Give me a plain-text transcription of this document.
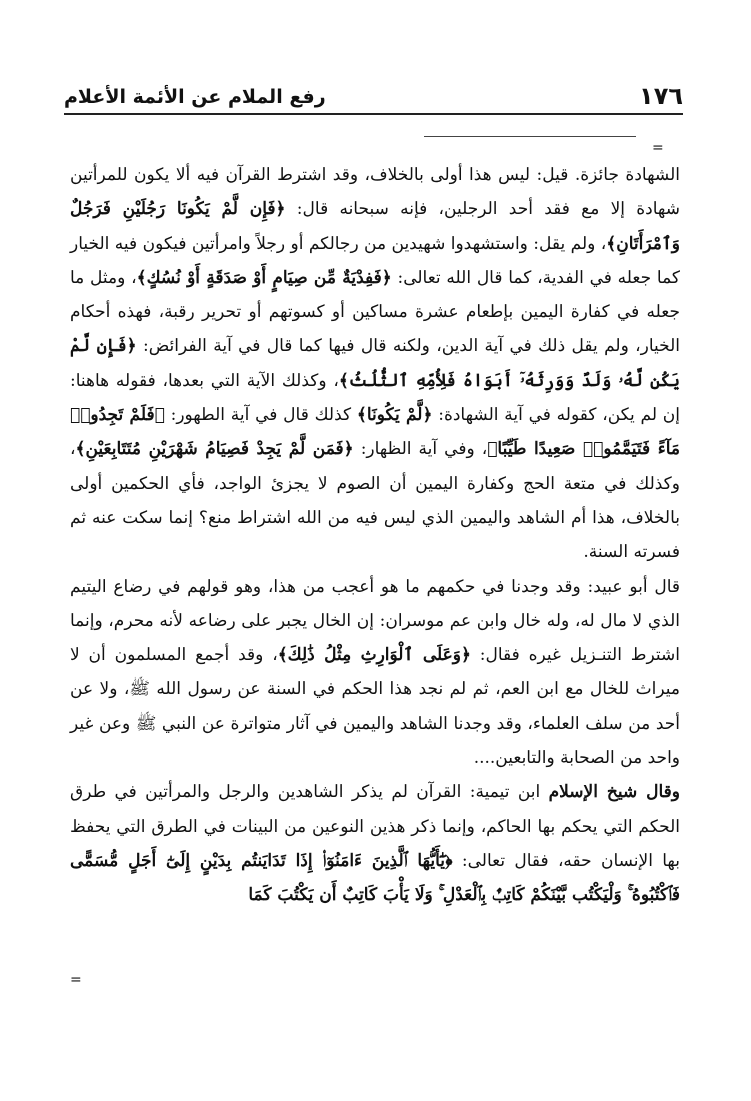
١٧٦
رفع الملام عن الأئمة الأعلام
=

الشهادة جائزة. قيل: ليس هذا أولى بالخلاف، وقد اشترط القرآن فيه ألا يكون للمرأتين شهادة إلا مع فقد أحد الرجلين، فإنه سبحانه قال: ﴿فَإِن لَّمْ يَكُونَا رَجُلَيْنِ فَرَجُلٌ وَٱمْرَأَتَانِ﴾، ولم يقل: واستشهدوا شهيدين من رجالكم أو رجلاً وامرأتين فيكون فيه الخيار كما جعله في الفدية، كما قال الله تعالى: ﴿فَفِدْيَةٌ مِّن صِيَامٍ أَوْ صَدَقَةٍ أَوْ نُسُكٍ﴾، ومثل ما جعله في كفارة اليمين بإطعام عشرة مساكين أو كسوتهم أو تحرير رقبة، فهذه أحكام الخيار، ولم يقل ذلك في آية الدين، ولكنه قال فيها كما قال في آية الفرائض: ﴿فَإِن لَّمْ يَكُن لَّهُۥ وَلَدٌ وَوَرِثَهُۥٓ أَبَوَاهُ فَلِأُمِّهِ ٱلثُّلُثُ﴾، وكذلك الآية التي بعدها، فقوله هاهنا: إن لم يكن، كقوله في آية الشهادة: ﴿لَّمْ يَكُونَا﴾ كذلك قال في آية الطهور: ﴿فَلَمْ تَجِدُوا۟ مَآءً فَتَيَمَّمُوا۟ صَعِيدًا طَيِّبًا﴾، وفي آية الظهار: ﴿فَمَن لَّمْ يَجِدْ فَصِيَامُ شَهْرَيْنِ مُتَتَابِعَيْنِ﴾، وكذلك في متعة الحج وكفارة اليمين أن الصوم لا يجزئ الواجد، فأي الحكمين أولى بالخلاف، هذا أم الشاهد واليمين الذي ليس فيه من الله اشتراط منع؟ إنما سكت عنه ثم فسرته السنة.

قال أبو عبيد: وقد وجدنا في حكمهم ما هو أعجب من هذا، وهو قولهم في رضاع اليتيم الذي لا مال له، وله خال وابن عم موسران: إن الخال يجبر على رضاعه لأنه محرم، وإنما اشترط التنـزيل غيره فقال: ﴿وَعَلَى ٱلْوَارِثِ مِثْلُ ذَٰلِكَ﴾، وقد أجمع المسلمون أن لا ميراث للخال مع ابن العم، ثم لم نجد هذا الحكم في السنة عن رسول الله ﷺ، ولا عن أحد من سلف العلماء، وقد وجدنا الشاهد واليمين في آثار متواترة عن النبي ﷺ وعن غير واحد من الصحابة والتابعين....

وقال شيخ الإسلام ابن تيمية: القرآن لم يذكر الشاهدين والرجل والمرأتين في طرق الحكم التي يحكم بها الحاكم، وإنما ذكر هذين النوعين من البينات في الطرق التي يحفظ بها الإنسان حقه، فقال تعالى: ﴿يَٰٓأَيُّهَا ٱلَّذِينَ ءَامَنُوٓا۟ إِذَا تَدَايَنتُم بِدَيْنٍ إِلَىٰٓ أَجَلٍ مُّسَمًّى فَٱكْتُبُوهُ ۚ وَلْيَكْتُب بَّيْنَكُمْ كَاتِبٌۢ بِٱلْعَدْلِ ۚ وَلَا يَأْبَ كَاتِبٌ أَن يَكْتُبَ كَمَا

=
